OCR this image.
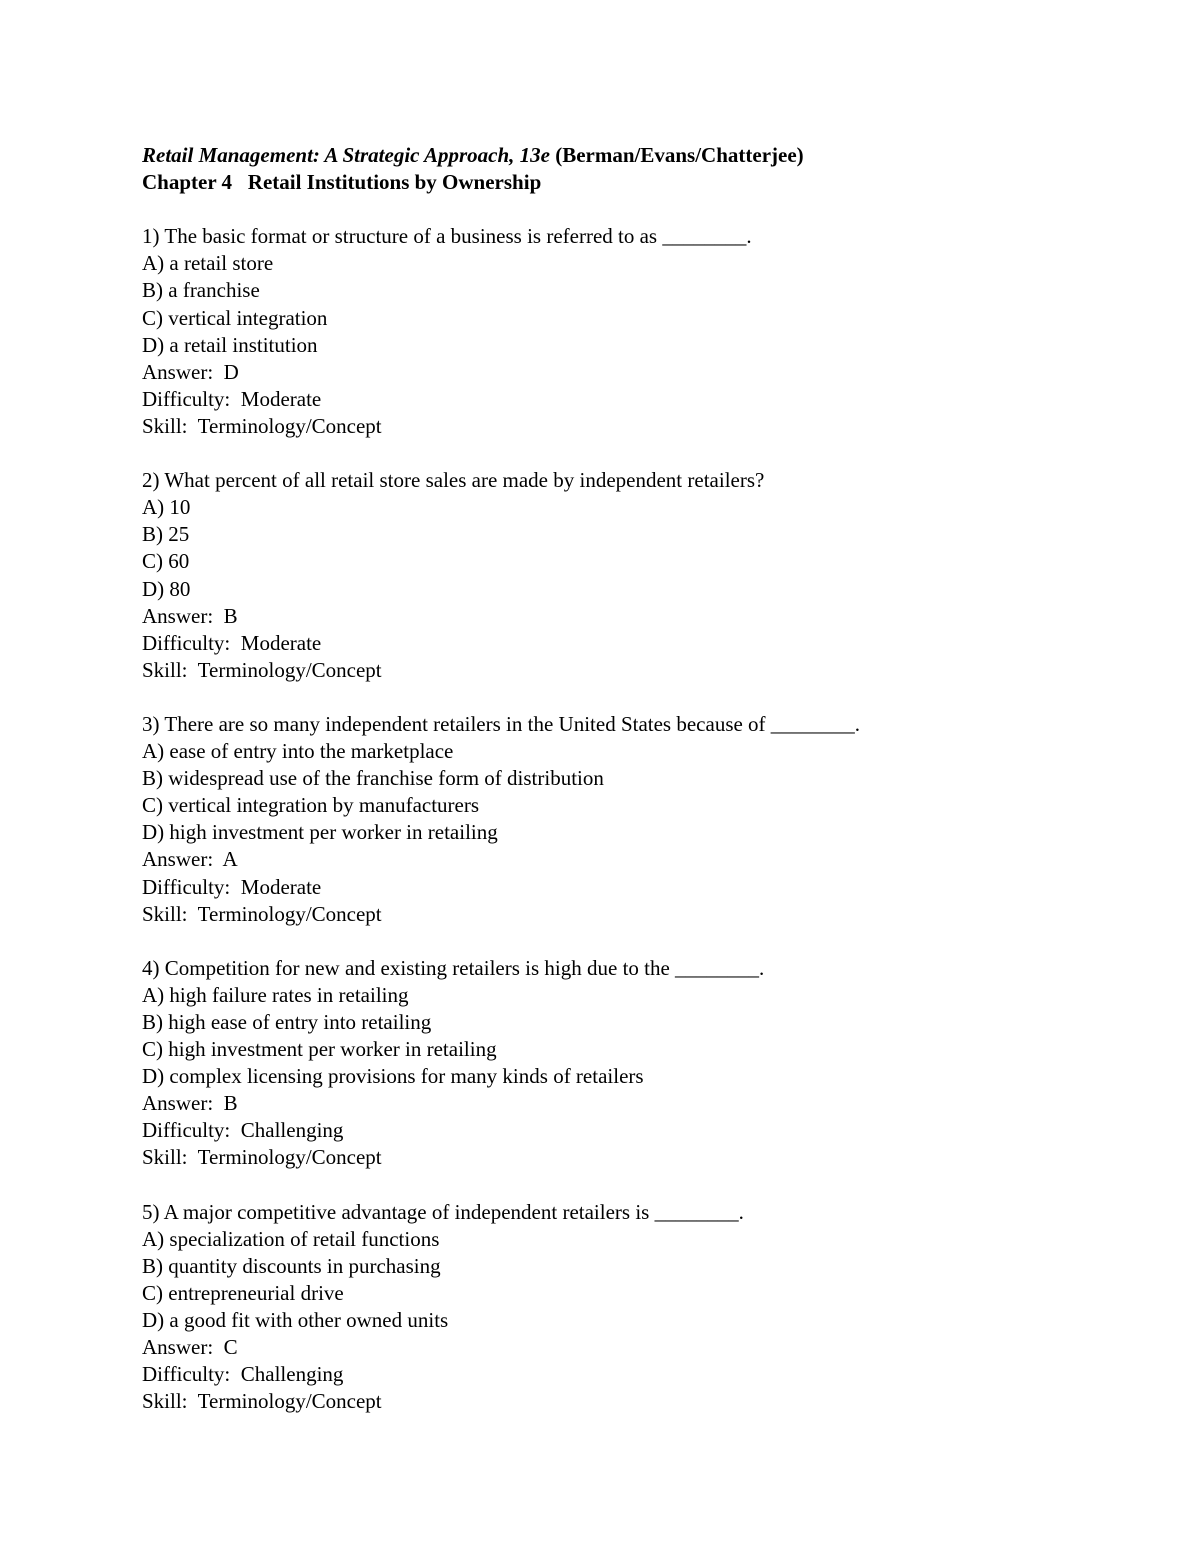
Retail Management: A Strategic Approach, 13e (Berman/Evans/Chatterjee)
Chapter 4   Retail Institutions by Ownership
1) The basic format or structure of a business is referred to as ________.
A) a retail store
B) a franchise
C) vertical integration
D) a retail institution
Answer:  D
Difficulty:  Moderate
Skill:  Terminology/Concept
2) What percent of all retail store sales are made by independent retailers?
A) 10
B) 25
C) 60
D) 80
Answer:  B
Difficulty:  Moderate
Skill:  Terminology/Concept
3) There are so many independent retailers in the United States because of ________.
A) ease of entry into the marketplace
B) widespread use of the franchise form of distribution
C) vertical integration by manufacturers
D) high investment per worker in retailing
Answer:  A
Difficulty:  Moderate
Skill:  Terminology/Concept
4) Competition for new and existing retailers is high due to the ________.
A) high failure rates in retailing
B) high ease of entry into retailing
C) high investment per worker in retailing
D) complex licensing provisions for many kinds of retailers
Answer:  B
Difficulty:  Challenging
Skill:  Terminology/Concept
5) A major competitive advantage of independent retailers is ________.
A) specialization of retail functions
B) quantity discounts in purchasing
C) entrepreneurial drive
D) a good fit with other owned units
Answer:  C
Difficulty:  Challenging
Skill:  Terminology/Concept
